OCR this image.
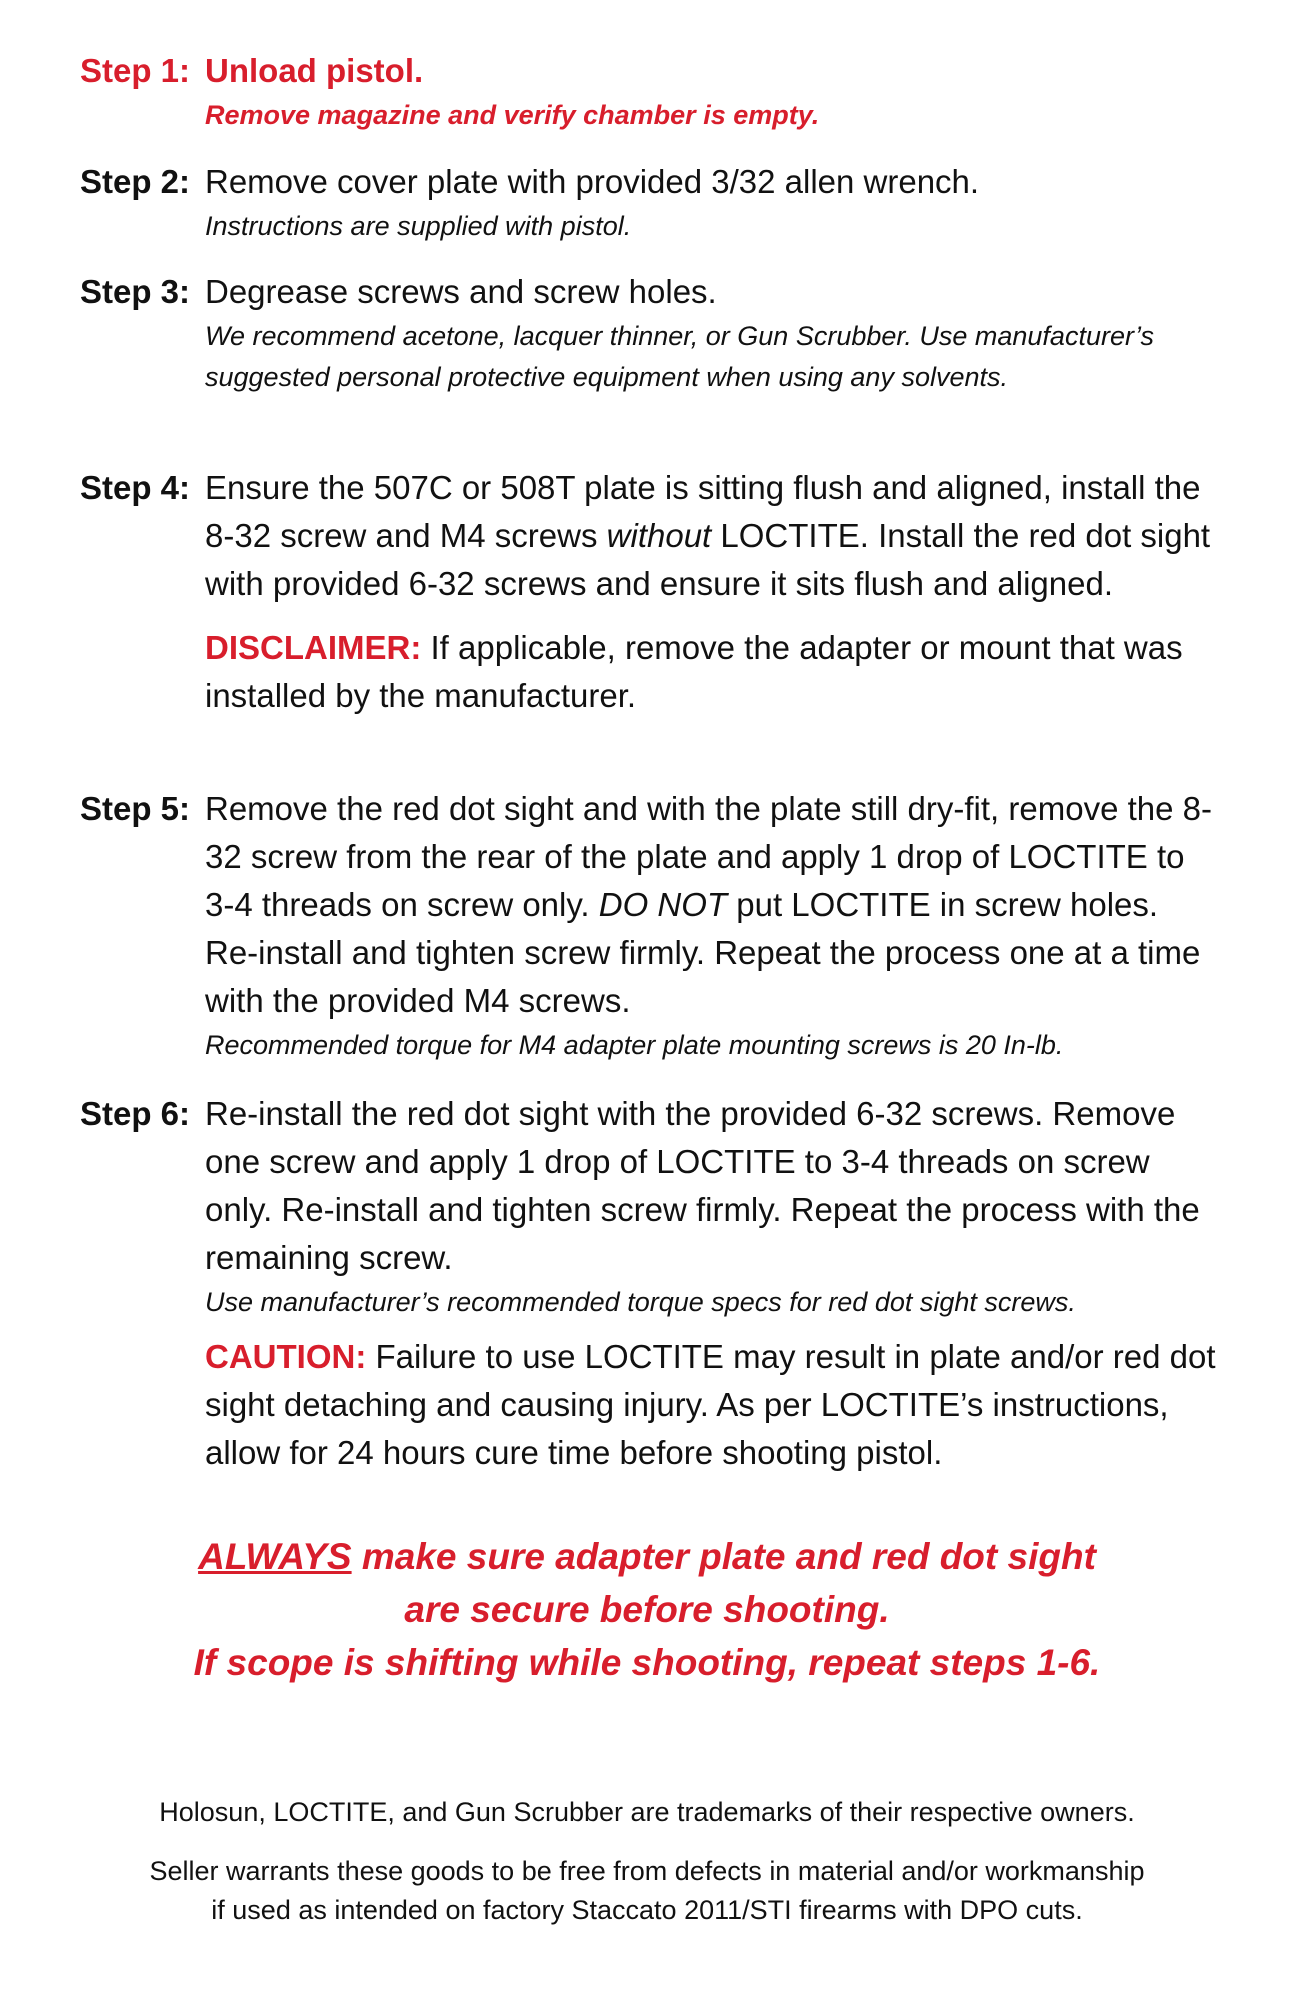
Step 1: Unload pistol.
Remove magazine and verify chamber is empty.
Step 2: Remove cover plate with provided 3/32 allen wrench.
Instructions are supplied with pistol.
Step 3: Degrease screws and screw holes.
We recommend acetone, lacquer thinner, or Gun Scrubber. Use manufacturer’s suggested personal protective equipment when using any solvents.
Step 4: Ensure the 507C or 508T plate is sitting flush and aligned, install the 8-32 screw and M4 screws without LOCTITE. Install the red dot sight with provided 6-32 screws and ensure it sits flush and aligned.
DISCLAIMER: If applicable, remove the adapter or mount that was installed by the manufacturer.
Step 5: Remove the red dot sight and with the plate still dry-fit, remove the 8-32 screw from the rear of the plate and apply 1 drop of LOCTITE to 3-4 threads on screw only. DO NOT put LOCTITE in screw holes. Re-install and tighten screw firmly. Repeat the process one at a time with the provided M4 screws.
Recommended torque for M4 adapter plate mounting screws is 20 In-lb.
Step 6: Re-install the red dot sight with the provided 6-32 screws. Remove one screw and apply 1 drop of LOCTITE to 3-4 threads on screw only. Re-install and tighten screw firmly. Repeat the process with the remaining screw.
Use manufacturer’s recommended torque specs for red dot sight screws.
CAUTION: Failure to use LOCTITE may result in plate and/or red dot sight detaching and causing injury. As per LOCTITE’s instructions, allow for 24 hours cure time before shooting pistol.
ALWAYS make sure adapter plate and red dot sight
are secure before shooting.
If scope is shifting while shooting, repeat steps 1-6.
Holosun, LOCTITE, and Gun Scrubber are trademarks of their respective owners.
Seller warrants these goods to be free from defects in material and/or workmanship
if used as intended on factory Staccato 2011/STI firearms with DPO cuts.
